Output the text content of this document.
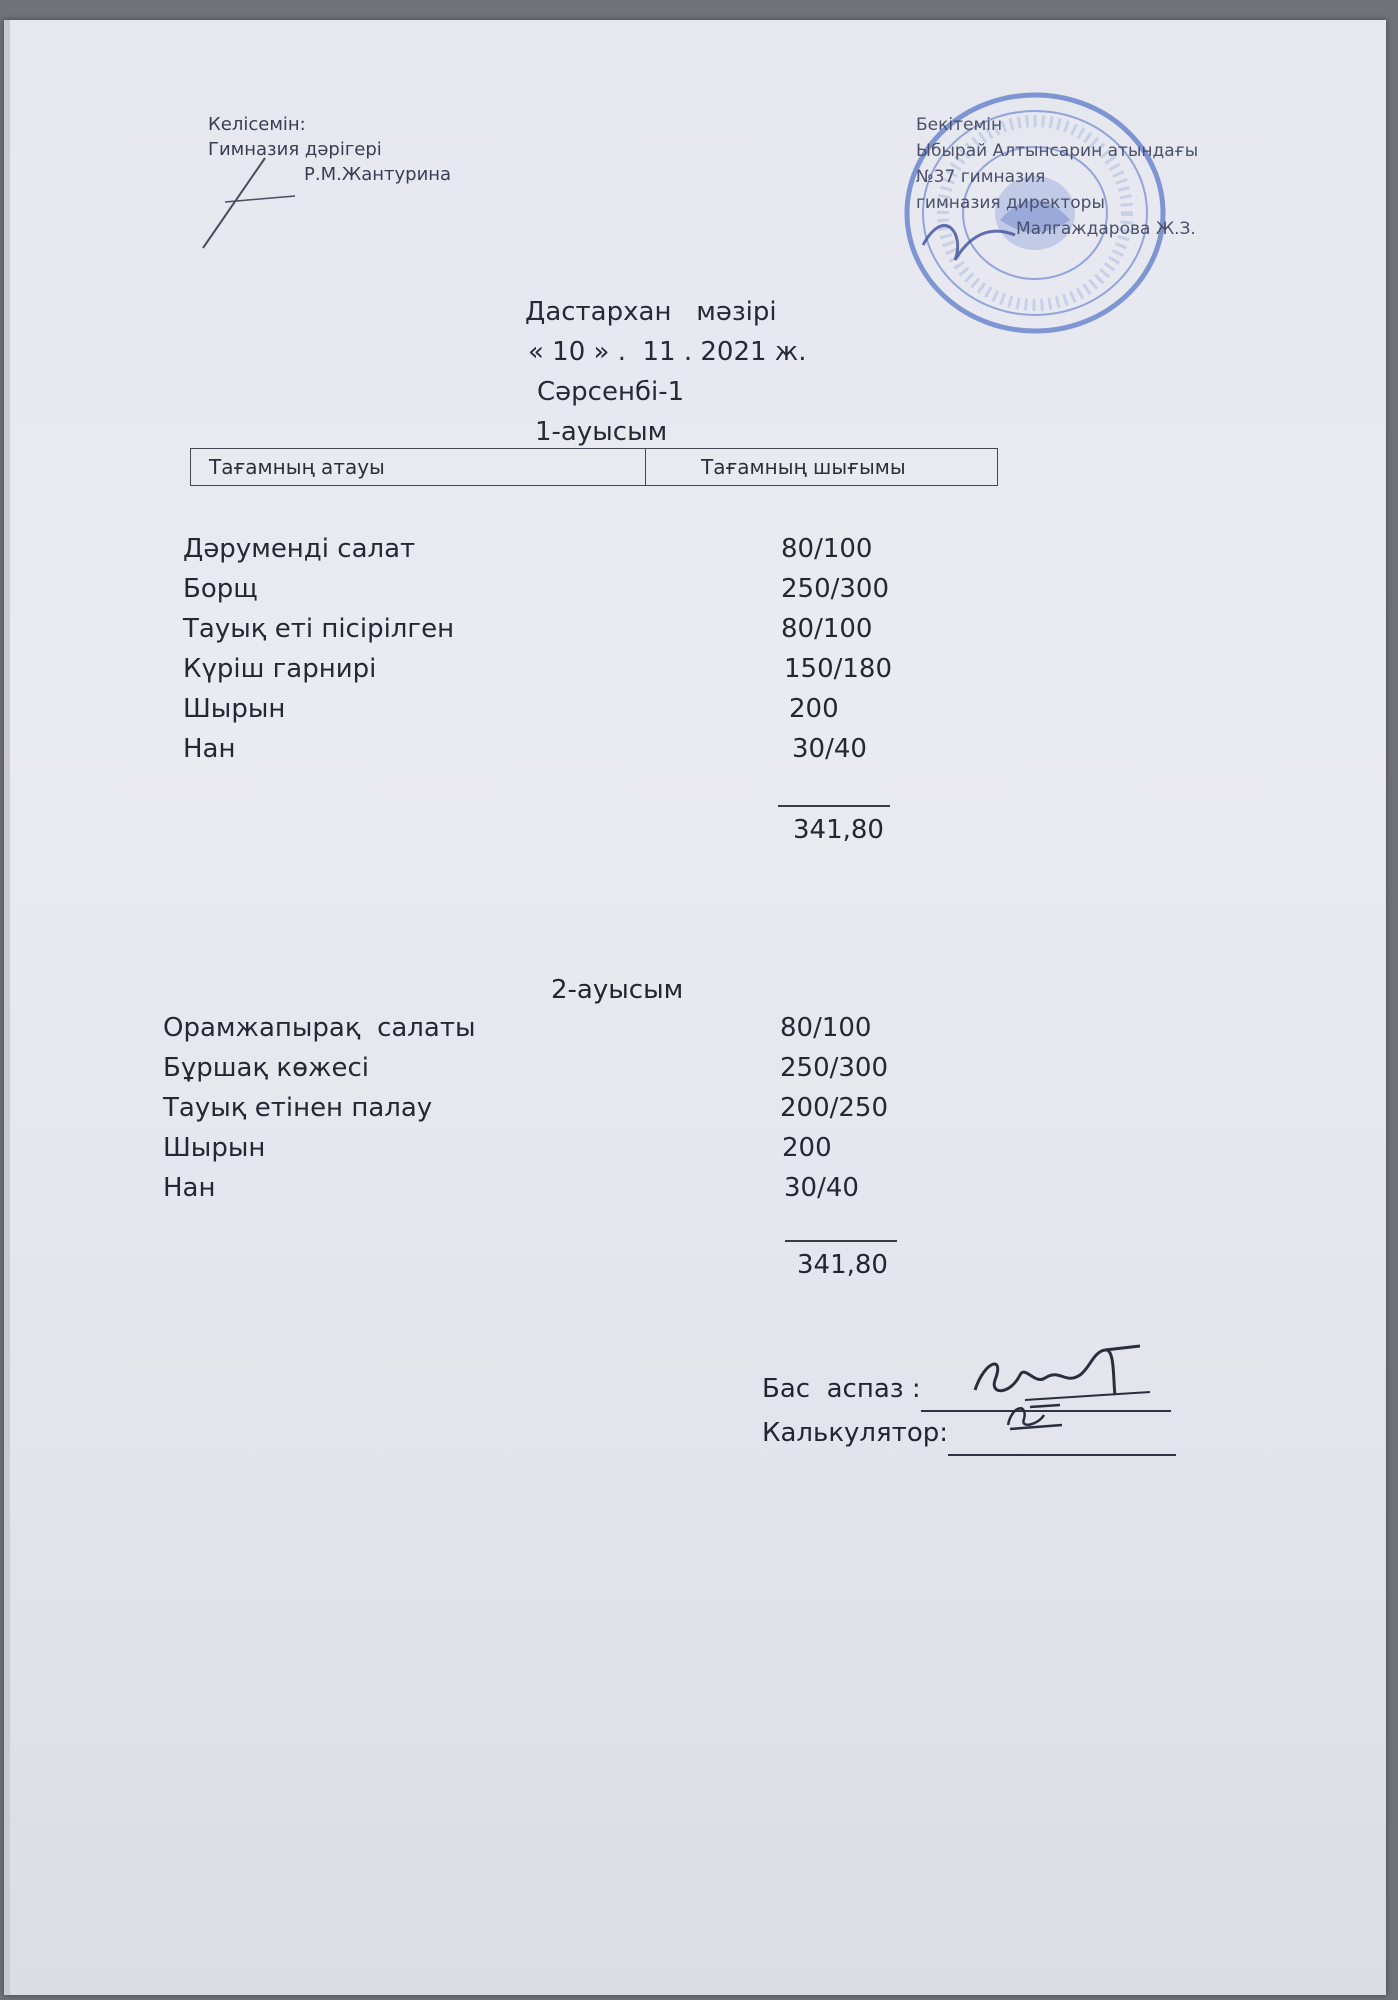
Келісемін:
Гимназия дәрігері
Р.М.Жантурина
Бекітемін
Ыбырай Алтынсарин атындағы
№37 гимназия
гимназия директоры
Малгаждарова Ж.З.
Дастархан   мәзірі
« 10 » .  11 . 2021 ж.
Сәрсенбі-1
1-ауысым
Тағамның атауы	Тағамның шығымы
Дәруменді салат	80/100
Борщ	250/300
Тауық еті пісірілген	80/100
Күріш гарнирі	150/180
Шырын	200
Нан	30/40
341,80
2-ауысым
Орамжапырақ  салаты	80/100
Бұршақ көжесі	250/300
Тауық етінен палау	200/250
Шырын	200
Нан	30/40
341,80
Бас  аспаз :
Калькулятор:
